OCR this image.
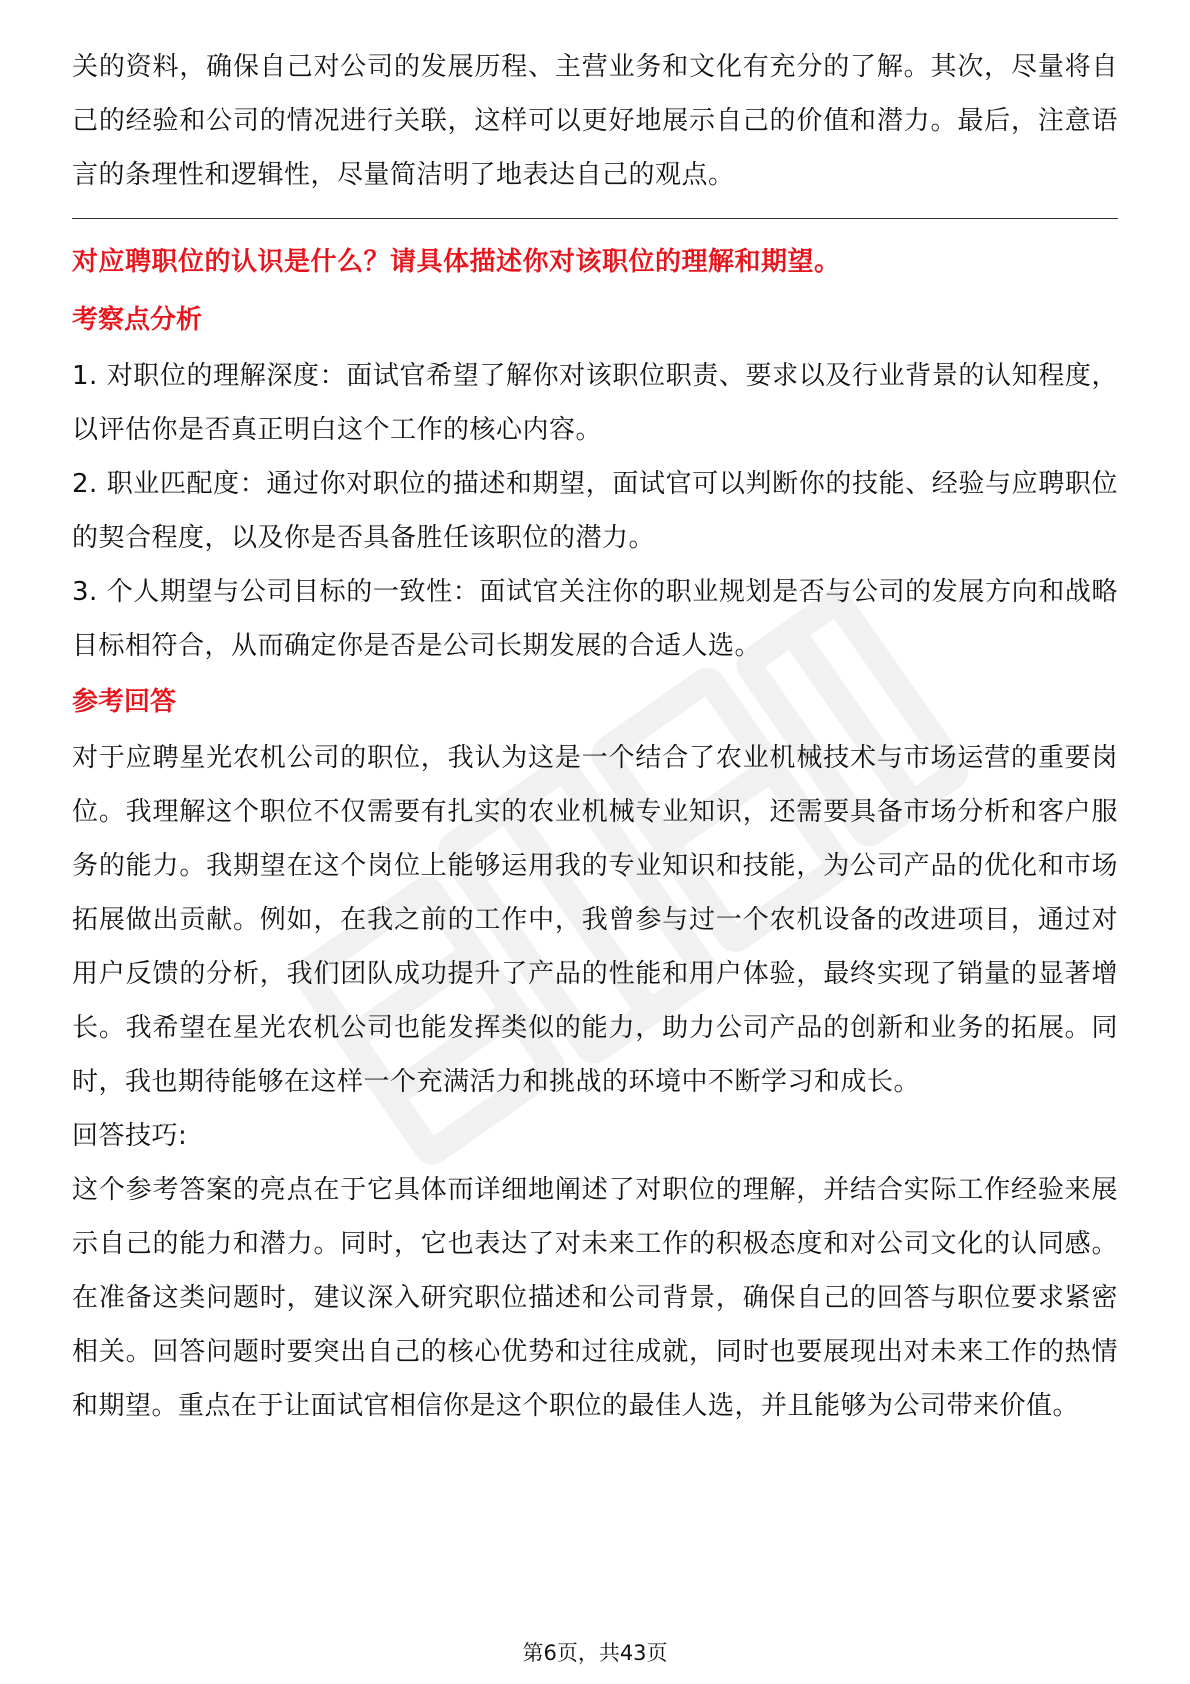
关的资料，确保自己对公司的发展历程、主营业务和文化有充分的了解。其次，尽量将自己的经验和公司的情况进行关联，这样可以更好地展示自己的价值和潜力。最后，注意语言的条理性和逻辑性，尽量简洁明了地表达自己的观点。

对应聘职位的认识是什么？请具体描述你对该职位的理解和期望。

考察点分析

1. 对职位的理解深度：面试官希望了解你对该职位职责、要求以及行业背景的认知程度，以评估你是否真正明白这个工作的核心内容。

2. 职业匹配度：通过你对职位的描述和期望，面试官可以判断你的技能、经验与应聘职位的契合程度，以及你是否具备胜任该职位的潜力。

3. 个人期望与公司目标的一致性：面试官关注你的职业规划是否与公司的发展方向和战略目标相符合，从而确定你是否是公司长期发展的合适人选。

参考回答

对于应聘星光农机公司的职位，我认为这是一个结合了农业机械技术与市场运营的重要岗位。我理解这个职位不仅需要有扎实的农业机械专业知识，还需要具备市场分析和客户服务的能力。我期望在这个岗位上能够运用我的专业知识和技能，为公司产品的优化和市场拓展做出贡献。例如，在我之前的工作中，我曾参与过一个农机设备的改进项目，通过对用户反馈的分析，我们团队成功提升了产品的性能和用户体验，最终实现了销量的显著增长。我希望在星光农机公司也能发挥类似的能力，助力公司产品的创新和业务的拓展。同时，我也期待能够在这样一个充满活力和挑战的环境中不断学习和成长。

回答技巧:

这个参考答案的亮点在于它具体而详细地阐述了对职位的理解，并结合实际工作经验来展示自己的能力和潜力。同时，它也表达了对未来工作的积极态度和对公司文化的认同感。在准备这类问题时，建议深入研究职位描述和公司背景，确保自己的回答与职位要求紧密相关。回答问题时要突出自己的核心优势和过往成就，同时也要展现出对未来工作的热情和期望。重点在于让面试官相信你是这个职位的最佳人选，并且能够为公司带来价值。

第6页，共43页
